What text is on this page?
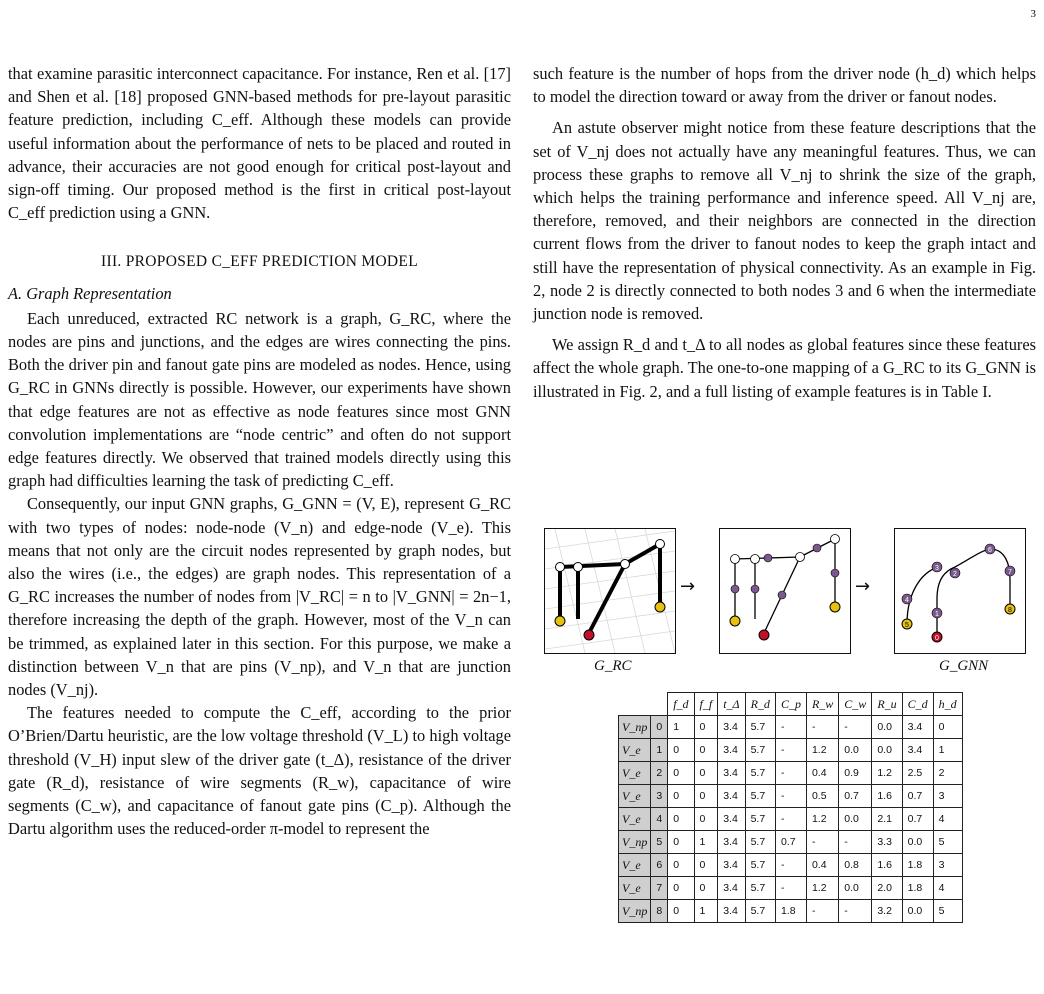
3

that examine parasitic interconnect capacitance. For instance, Ren et al. [17] and Shen et al. [18] proposed GNN-based methods for pre-layout parasitic feature prediction, including C_eff. Although these models can provide useful information about the performance of nets to be placed and routed in advance, their accuracies are not good enough for critical post-layout and sign-off timing. Our proposed method is the first in critical post-layout C_eff prediction using a GNN.

III. PROPOSED C_EFF PREDICTION MODEL
A. Graph Representation

Each unreduced, extracted RC network is a graph, G_RC, where the nodes are pins and junctions, and the edges are wires connecting the pins. Both the driver pin and fanout gate pins are modeled as nodes. Hence, using G_RC in GNNs directly is possible. However, our experiments have shown that edge features are not as effective as node features since most GNN convolution implementations are “node centric” and often do not support edge features directly. We observed that trained models directly using this graph had difficulties learning the task of predicting C_eff.

Consequently, our input GNN graphs, G_GNN = (V, E), represent G_RC with two types of nodes: node-node (V_n) and edge-node (V_e). This means that not only are the circuit nodes represented by graph nodes, but also the wires (i.e., the edges) are graph nodes. This representation of a G_RC increases the number of nodes from |V_RC| = n to |V_GNN| = 2n−1, therefore increasing the depth of the graph. However, most of the V_n can be trimmed, as explained later in this section. For this purpose, we make a distinction between V_n that are pins (V_np), and V_n that are junction nodes (V_nj).

The features needed to compute the C_eff, according to the prior O’Brien/Dartu heuristic, are the low voltage threshold (V_L) to high voltage threshold (V_H) input slew of the driver gate (t_Δ), resistance of the driver gate (R_d), resistance of wire segments (R_w), capacitance of wire segments (C_w), and capacitance of fanout gate pins (C_p). Although the Dartu algorithm uses the reduced-order π-model to represent the

such feature is the number of hops from the driver node (h_d) which helps to model the direction toward or away from the driver or fanout nodes.

An astute observer might notice from these feature descriptions that the set of V_nj does not actually have any meaningful features. Thus, we can process these graphs to remove all V_nj to shrink the size of the graph, which helps the training performance and inference speed. All V_nj are, therefore, removed, and their neighbors are connected in the direction current flows from the driver to fanout nodes to keep the graph intact and still have the representation of physical connectivity. As an example in Fig. 2, node 2 is directly connected to both nodes 3 and 6 when the intermediate junction node is removed.

We assign R_d and t_Δ to all nodes as global features since these features affect the whole graph. The one-to-one mapping of a G_RC to its G_GNN is illustrated in Fig. 2, and a full listing of example features is in Table I.

→	→
0
1
2
3
4
6
7
5
8
G_RC	G_GNN
		f_d	f_f	t_Δ	R_d	C_p	R_w	C_w	R_u	C_d	h_d
V_np	0	1	0	3.4	5.7	-	-	-	0.0	3.4	0
V_e	1	0	0	3.4	5.7	-	1.2	0.0	0.0	3.4	1
V_e	2	0	0	3.4	5.7	-	0.4	0.9	1.2	2.5	2
V_e	3	0	0	3.4	5.7	-	0.5	0.7	1.6	0.7	3
V_e	4	0	0	3.4	5.7	-	1.2	0.0	2.1	0.7	4
V_np	5	0	1	3.4	5.7	0.7	-	-	3.3	0.0	5
V_e	6	0	0	3.4	5.7	-	0.4	0.8	1.6	1.8	3
V_e	7	0	0	3.4	5.7	-	1.2	0.0	2.0	1.8	4
V_np	8	0	1	3.4	5.7	1.8	-	-	3.2	0.0	5
